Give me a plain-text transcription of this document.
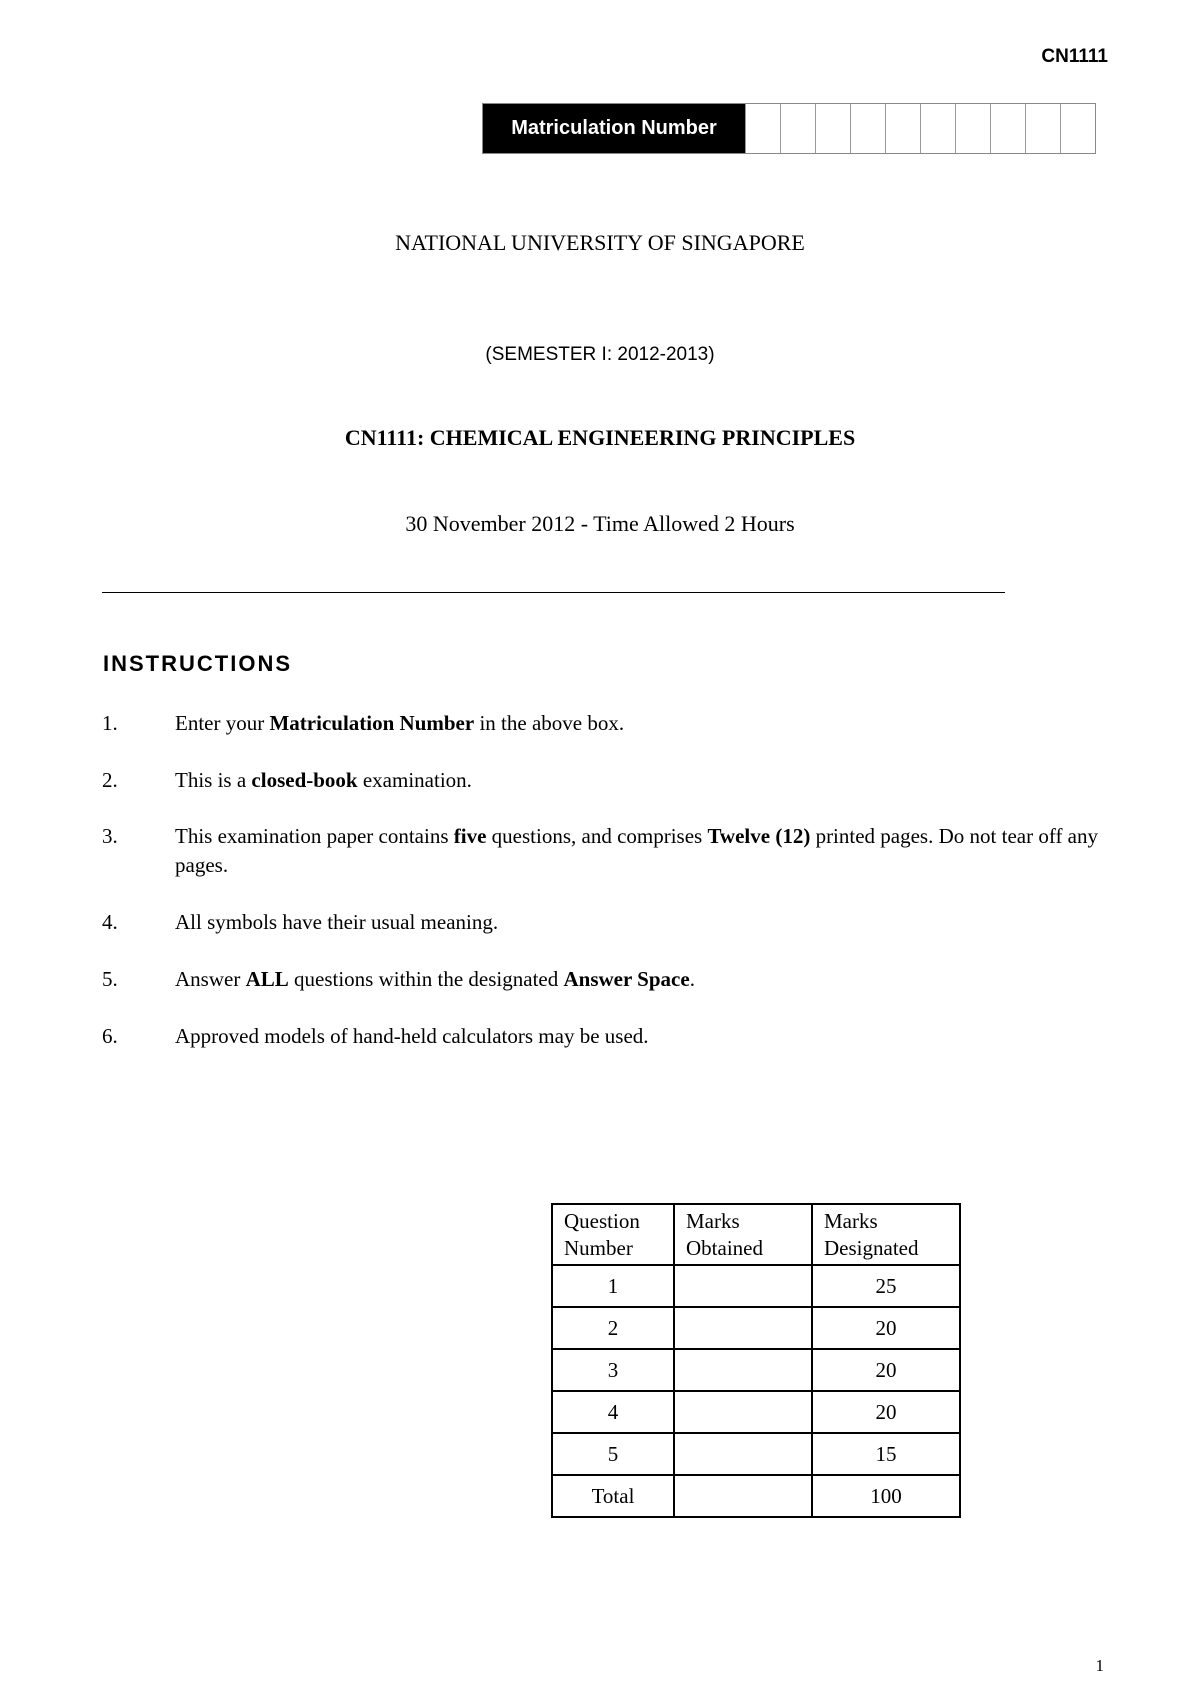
CN1111
Matriculation Number
NATIONAL UNIVERSITY OF SINGAPORE
(SEMESTER I: 2012-2013)
CN1111: CHEMICAL ENGINEERING PRINCIPLES
30 November 2012 - Time Allowed 2 Hours
INSTRUCTIONS
1.	Enter your Matriculation Number in the above box.
2.	This is a closed-book examination.
3.	This examination paper contains five questions, and comprises Twelve (12) printed pages. Do not tear off any pages.
4.	All symbols have their usual meaning.
5.	Answer ALL questions within the designated Answer Space.
6.	Approved models of hand-held calculators may be used.
Question Number	Marks Obtained	Marks Designated
1		25
2		20
3		20
4		20
5		15
Total		100
1
